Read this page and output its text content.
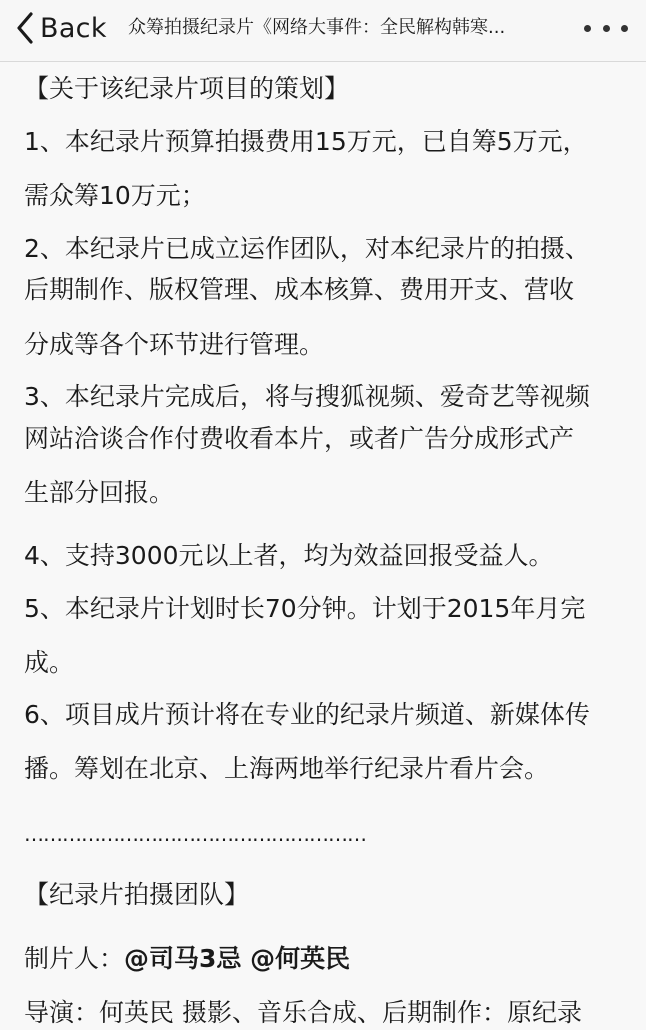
Back 众筹拍摄纪录片《网络大事件：全民解构韩寒...
【关于该纪录片项目的策划】
1、本纪录片预算拍摄费用15万元，已自筹5万元，
需众筹10万元；
2、本纪录片已成立运作团队，对本纪录片的拍摄、
后期制作、版权管理、成本核算、费用开支、营收
分成等各个环节进行管理。
3、本纪录片完成后，将与搜狐视频、爱奇艺等视频
网站洽谈合作付费收看本片，或者广告分成形式产
生部分回报。
4、支持3000元以上者，均为效益回报受益人。
5、本纪录片计划时长70分钟。计划于2015年月完
成。
6、项目成片预计将在专业的纪录片频道、新媒体传
播。筹划在北京、上海两地举行纪录片看片会。
………………………………………………
【纪录片拍摄团队】
制片人：@司马3忌 @何英民
导演：何英民 摄影、音乐合成、后期制作：原纪录
